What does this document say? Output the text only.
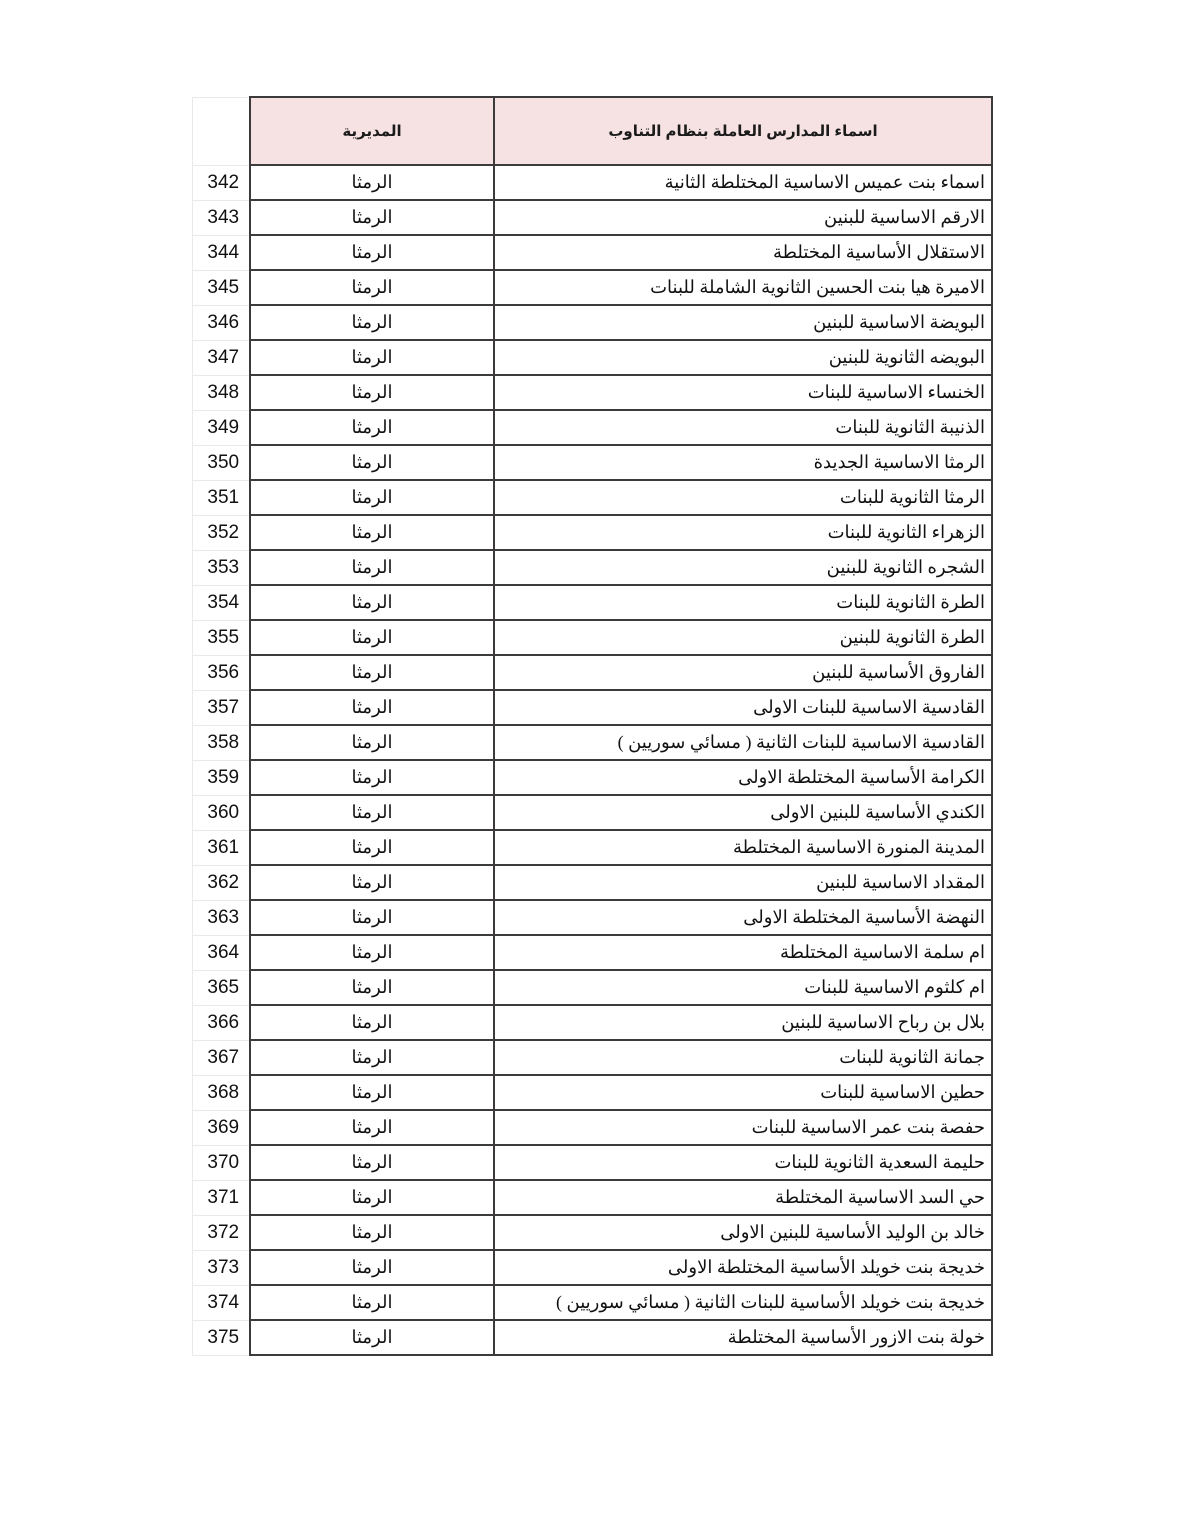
اسماء المدارس العاملة بنظام التناوب	المديرية	
اسماء بنت عميس الاساسية المختلطة الثانية	الرمثا	342
الارقم الاساسية للبنين	الرمثا	343
الاستقلال الأساسية المختلطة	الرمثا	344
الاميرة هيا بنت الحسين الثانوية الشاملة للبنات	الرمثا	345
البويضة الاساسية للبنين	الرمثا	346
البويضه الثانوية للبنين	الرمثا	347
الخنساء الاساسية للبنات	الرمثا	348
الذنيبة الثانوية للبنات	الرمثا	349
الرمثا الاساسية الجديدة	الرمثا	350
الرمثا الثانوية للبنات	الرمثا	351
الزهراء الثانوية للبنات	الرمثا	352
الشجره الثانوية للبنين	الرمثا	353
الطرة الثانوية للبنات	الرمثا	354
الطرة الثانوية للبنين	الرمثا	355
الفاروق الأساسية للبنين	الرمثا	356
القادسية الاساسية للبنات الاولى	الرمثا	357
القادسية الاساسية للبنات الثانية ( مسائي سوريين )	الرمثا	358
الكرامة الأساسية المختلطة الاولى	الرمثا	359
الكندي الأساسية للبنين الاولى	الرمثا	360
المدينة المنورة الاساسية المختلطة	الرمثا	361
المقداد الاساسية للبنين	الرمثا	362
النهضة الأساسية المختلطة الاولى	الرمثا	363
ام سلمة الاساسية المختلطة	الرمثا	364
ام كلثوم الاساسية للبنات	الرمثا	365
بلال بن رباح الاساسية للبنين	الرمثا	366
جمانة الثانوية للبنات	الرمثا	367
حطين الاساسية للبنات	الرمثا	368
حفصة بنت عمر الاساسية للبنات	الرمثا	369
حليمة السعدية الثانوية للبنات	الرمثا	370
حي السد الاساسية المختلطة	الرمثا	371
خالد بن الوليد الأساسية للبنين الاولى	الرمثا	372
خديجة بنت خويلد الأساسية المختلطة الاولى	الرمثا	373
خديجة بنت خويلد الأساسية للبنات الثانية ( مسائي سوريين )	الرمثا	374
خولة بنت الازور الأساسية المختلطة	الرمثا	375
